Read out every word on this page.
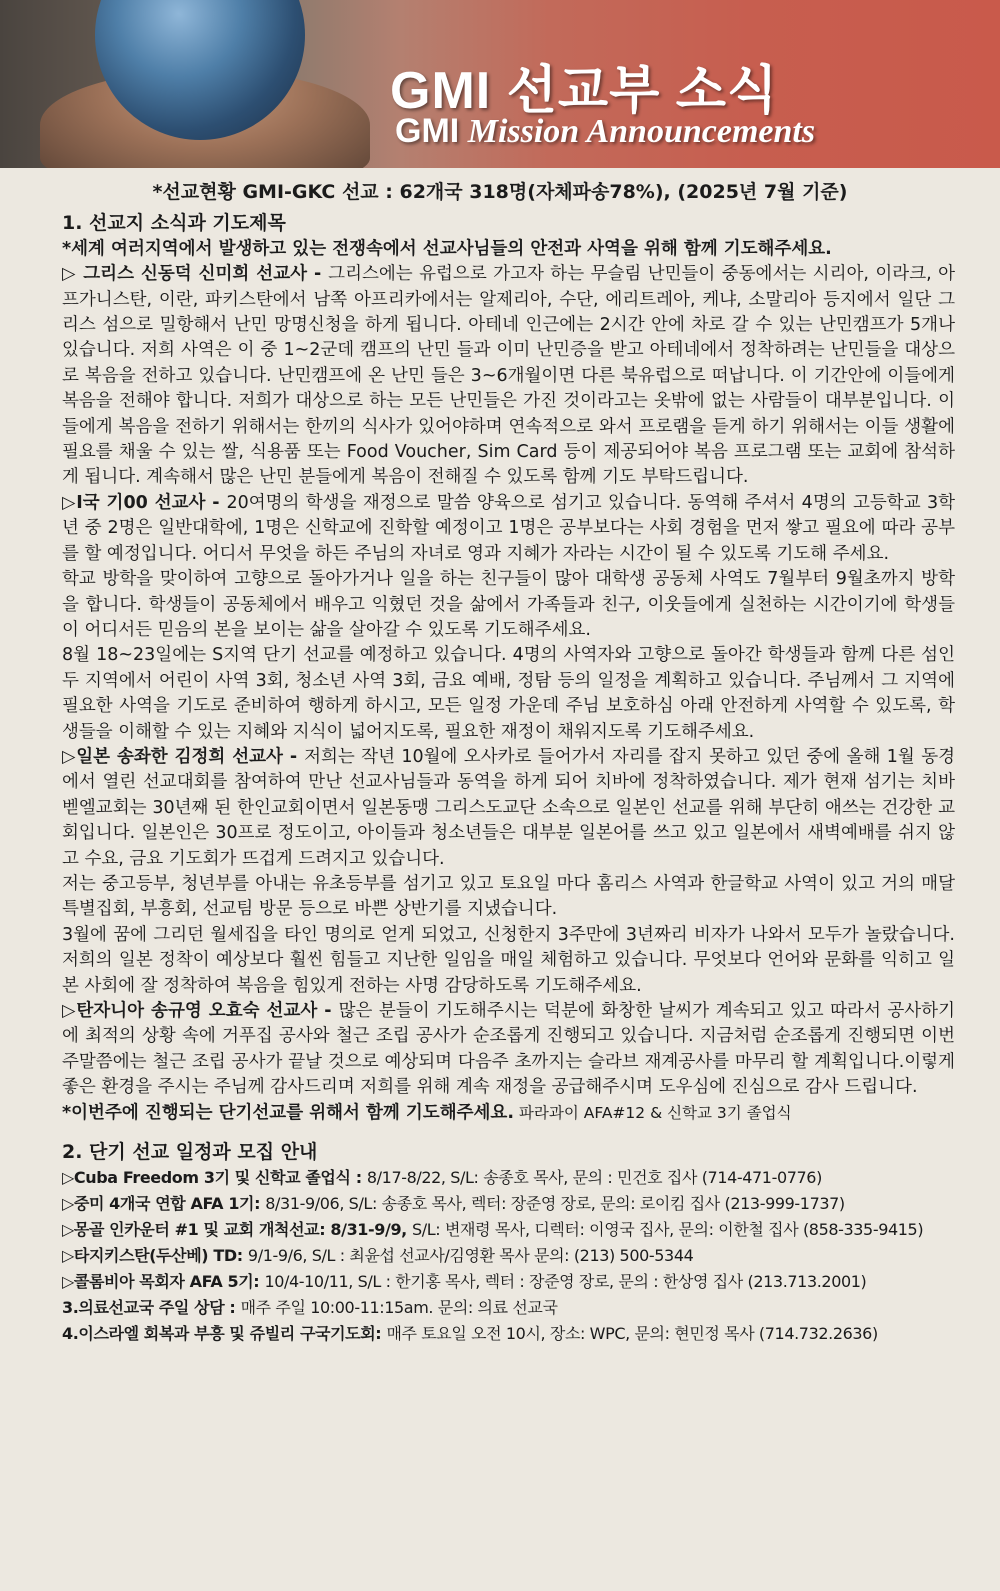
GMI 선교부 소식
GMI Mission Announcements
*선교현황 GMI-GKC 선교 : 62개국 318명(자체파송78%), (2025년 7월 기준)
1. 선교지 소식과 기도제목
*세계 여러지역에서 발생하고 있는 전쟁속에서 선교사님들의 안전과 사역을 위해 함께 기도해주세요.
▷ 그리스 신동덕 신미희 선교사 - 그리스에는 유럽으로 가고자 하는 무슬림 난민들이 중동에서는 시리아, 이라크, 아프가니스탄, 이란, 파키스탄에서 남쪽 아프리카에서는 알제리아, 수단, 에리트레아, 케냐, 소말리아 등지에서 일단 그리스 섬으로 밀항해서 난민 망명신청을 하게 됩니다. 아테네 인근에는 2시간 안에 차로 갈 수 있는 난민캠프가 5개나 있습니다. 저희 사역은 이 중 1~2군데 캠프의 난민 들과 이미 난민증을 받고 아테네에서 정착하려는 난민들을 대상으로 복음을 전하고 있습니다. 난민캠프에 온 난민 들은 3~6개월이면 다른 북유럽으로 떠납니다. 이 기간안에 이들에게 복음을 전해야 합니다. 저희가 대상으로 하는 모든 난민들은 가진 것이라고는 옷밖에 없는 사람들이 대부분입니다. 이들에게 복음을 전하기 위해서는 한끼의 식사가 있어야하며 연속적으로 와서 프로램을 듣게 하기 위해서는 이들 생활에 필요를 채울 수 있는 쌀, 식용품 또는 Food Voucher, Sim Card 등이 제공되어야 복음 프로그램 또는 교회에 참석하게 됩니다. 계속해서 많은 난민 분들에게 복음이 전해질 수 있도록 함께 기도 부탁드립니다.
▷I국 기00 선교사 - 20여명의 학생을 재정으로 말씀 양육으로 섬기고 있습니다. 동역해 주셔서 4명의 고등학교 3학년 중 2명은 일반대학에, 1명은 신학교에 진학할 예정이고 1명은 공부보다는 사회 경험을 먼저 쌓고 필요에 따라 공부를 할 예정입니다. 어디서 무엇을 하든 주님의 자녀로 영과 지혜가 자라는 시간이 될 수 있도록 기도해 주세요.
학교 방학을 맞이하여 고향으로 돌아가거나 일을 하는 친구들이 많아 대학생 공동체 사역도 7월부터 9월초까지 방학을 합니다. 학생들이 공동체에서 배우고 익혔던 것을 삶에서 가족들과 친구, 이웃들에게 실천하는 시간이기에 학생들이 어디서든 믿음의 본을 보이는 삶을 살아갈 수 있도록 기도해주세요.
8월 18~23일에는 S지역 단기 선교를 예정하고 있습니다. 4명의 사역자와 고향으로 돌아간 학생들과 함께 다른 섬인 두 지역에서 어린이 사역 3회, 청소년 사역 3회, 금요 예배, 정탐 등의 일정을 계획하고 있습니다. 주님께서 그 지역에 필요한 사역을 기도로 준비하여 행하게 하시고, 모든 일정 가운데 주님 보호하심 아래 안전하게 사역할 수 있도록, 학생들을 이해할 수 있는 지혜와 지식이 넓어지도록, 필요한 재정이 채워지도록 기도해주세요.
▷일본 송좌한 김정희 선교사 - 저희는 작년 10월에 오사카로 들어가서 자리를 잡지 못하고 있던 중에 올해 1월 동경에서 열린 선교대회를 참여하여 만난 선교사님들과 동역을 하게 되어 치바에 정착하였습니다. 제가 현재 섬기는 치바 벧엘교회는 30년째 된 한인교회이면서 일본동맹 그리스도교단 소속으로 일본인 선교를 위해 부단히 애쓰는 건강한 교회입니다. 일본인은 30프로 정도이고, 아이들과 청소년들은 대부분 일본어를 쓰고 있고 일본에서 새벽예배를 쉬지 않고 수요, 금요 기도회가 뜨겁게 드려지고 있습니다.
저는 중고등부, 청년부를 아내는 유초등부를 섬기고 있고 토요일 마다 홈리스 사역과 한글학교 사역이 있고 거의 매달 특별집회, 부흥회, 선교팀 방문 등으로 바쁜 상반기를 지냈습니다.
3월에 꿈에 그리던 월세집을 타인 명의로 얻게 되었고, 신청한지 3주만에 3년짜리 비자가 나와서 모두가 놀랐습니다. 저희의 일본 정착이 예상보다 훨씬 힘들고 지난한 일임을 매일 체험하고 있습니다. 무엇보다 언어와 문화를 익히고 일본 사회에 잘 정착하여 복음을 힘있게 전하는 사명 감당하도록 기도해주세요.
▷탄자니아 송규영 오효숙 선교사 - 많은 분들이 기도해주시는 덕분에 화창한 날씨가 계속되고 있고 따라서 공사하기에 최적의 상황 속에 거푸집 공사와 철근 조립 공사가 순조롭게 진행되고 있습니다. 지금처럼 순조롭게 진행되면 이번 주말쯤에는 철근 조립 공사가 끝날 것으로 예상되며 다음주 초까지는 슬라브 재계공사를 마무리 할 계획입니다.이렇게 좋은 환경을 주시는 주님께 감사드리며 저희를 위해 계속 재정을 공급해주시며 도우심에 진심으로 감사 드립니다.
*이번주에 진행되는 단기선교를 위해서 함께 기도해주세요. 파라과이 AFA#12 & 신학교 3기 졸업식
2. 단기 선교 일정과 모집 안내
▷Cuba Freedom 3기 및 신학교 졸업식 : 8/17-8/22, S/L: 송종호 목사, 문의 : 민건호 집사 (714-471-0776)
▷중미 4개국 연합 AFA 1기: 8/31-9/06, S/L: 송종호 목사, 렉터: 장준영 장로, 문의: 로이킴 집사 (213-999-1737)
▷몽골 인카운터 #1 및 교회 개척선교: 8/31-9/9, S/L: 변재령 목사, 디렉터: 이영국 집사, 문의: 이한철 집사 (858-335-9415)
▷타지키스탄(두산베) TD: 9/1-9/6, S/L : 최윤섭 선교사/김영환 목사 문의: (213) 500-5344
▷콜롬비아 목회자 AFA 5기: 10/4-10/11, S/L : 한기홍 목사, 렉터 : 장준영 장로, 문의 : 한상영 집사 (213.713.2001)
3.의료선교국 주일 상담 : 매주 주일 10:00-11:15am. 문의: 의료 선교국
4.이스라엘 회복과 부흥 및 쥬빌리 구국기도회: 매주 토요일 오전 10시, 장소: WPC, 문의: 현민정 목사 (714.732.2636)
